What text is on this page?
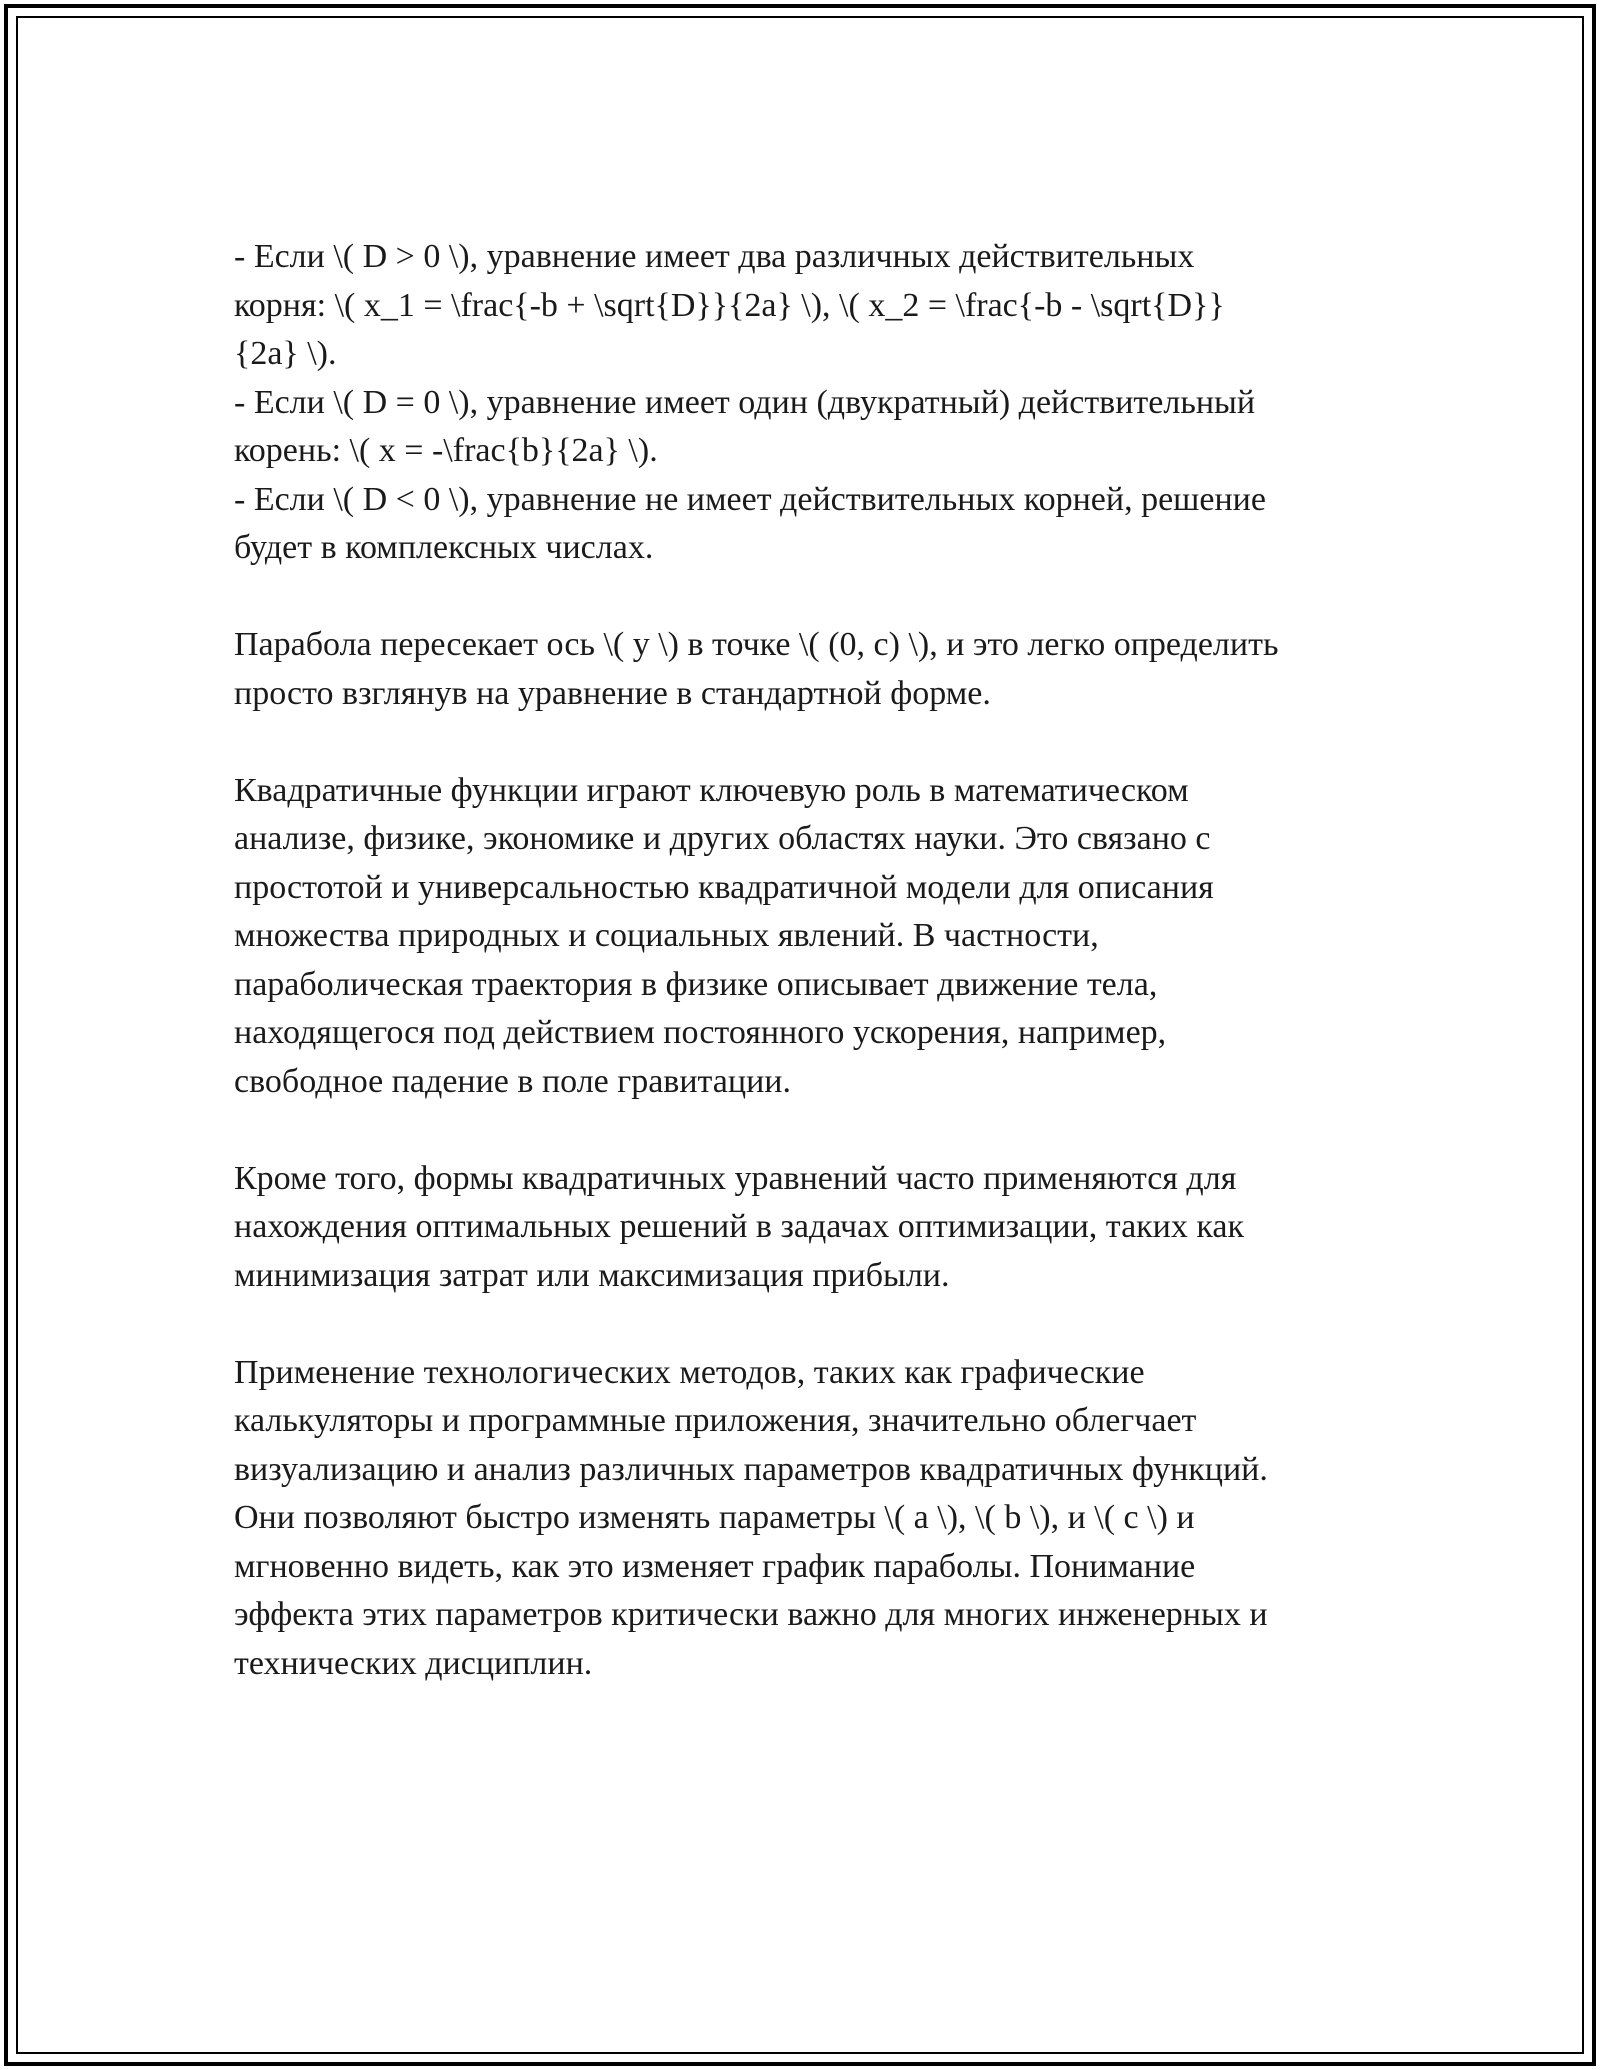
- Если \( D > 0 \), уравнение имеет два различных действительных
корня: \( x_1 = \frac{-b + \sqrt{D}}{2a} \), \( x_2 = \frac{-b - \sqrt{D}}
{2a} \).
- Если \( D = 0 \), уравнение имеет один (двукратный) действительный
корень: \( x = -\frac{b}{2a} \).
- Если \( D < 0 \), уравнение не имеет действительных корней, решение
будет в комплексных числах.

Парабола пересекает ось \( y \) в точке \( (0, c) \), и это легко определить
просто взглянув на уравнение в стандартной форме.

Квадратичные функции играют ключевую роль в математическом
анализе, физике, экономике и других областях науки. Это связано с
простотой и универсальностью квадратичной модели для описания
множества природных и социальных явлений. В частности,
параболическая траектория в физике описывает движение тела,
находящегося под действием постоянного ускорения, например,
свободное падение в поле гравитации.

Кроме того, формы квадратичных уравнений часто применяются для
нахождения оптимальных решений в задачах оптимизации, таких как
минимизация затрат или максимизация прибыли.

Применение технологических методов, таких как графические
калькуляторы и программные приложения, значительно облегчает
визуализацию и анализ различных параметров квадратичных функций.
Они позволяют быстро изменять параметры \( a \), \( b \), и \( c \) и
мгновенно видеть, как это изменяет график параболы. Понимание
эффекта этих параметров критически важно для многих инженерных и
технических дисциплин.
